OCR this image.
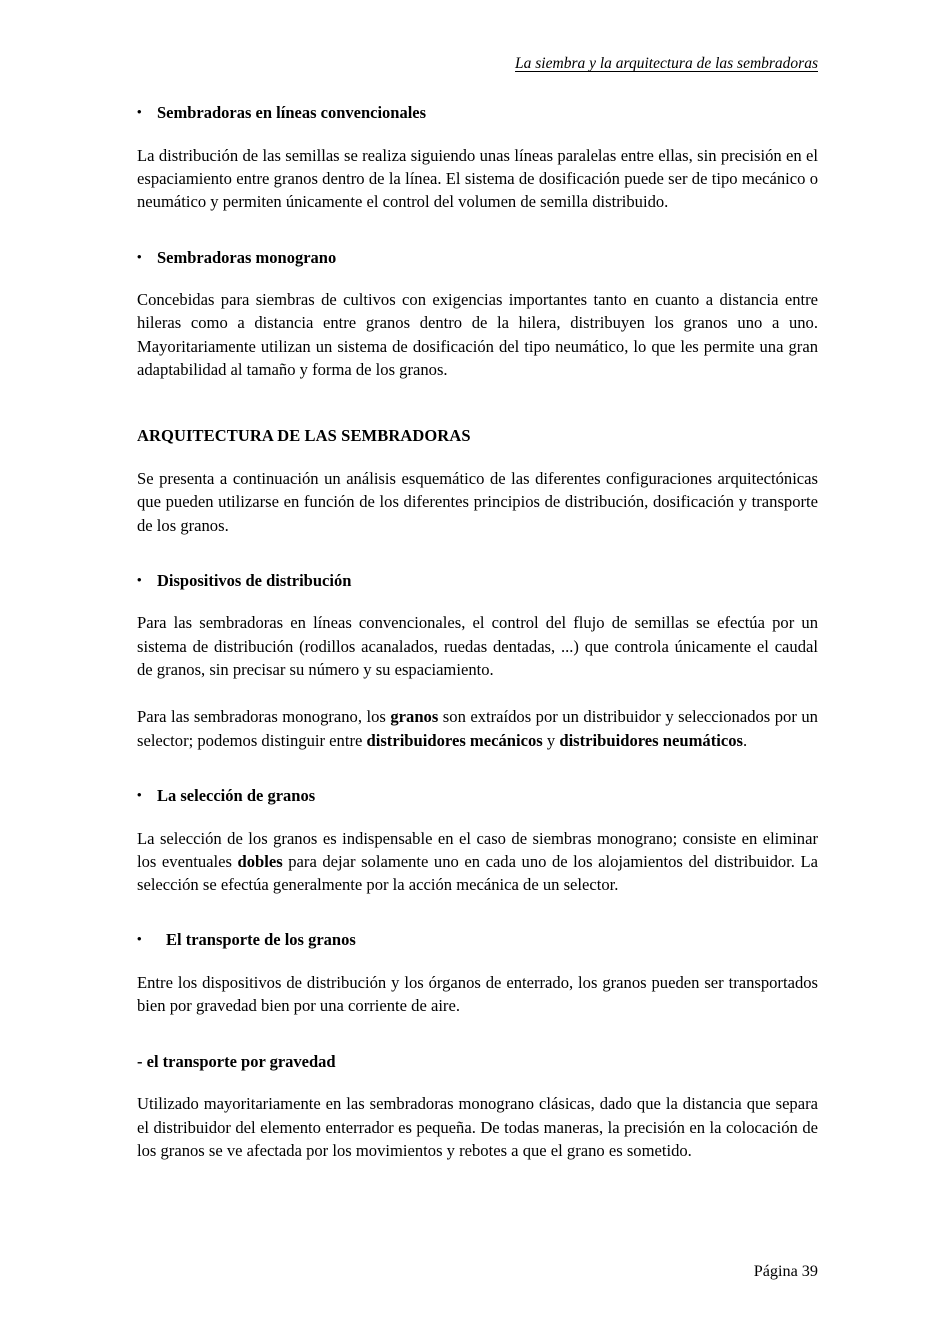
La siembra y la arquitectura de las sembradoras
• Sembradoras en líneas convencionales

La distribución de las semillas se realiza siguiendo unas líneas paralelas entre ellas, sin precisión en el espaciamiento entre granos dentro de la línea. El sistema de dosificación puede ser de tipo mecánico o neumático y permiten únicamente el control del volumen de semilla distribuido.

• Sembradoras monograno

Concebidas para siembras de cultivos con exigencias importantes tanto en cuanto a distancia entre hileras como a distancia entre granos dentro de la hilera, distribuyen los granos uno a uno. Mayoritariamente utilizan un sistema de dosificación del tipo neumático, lo que les permite una gran adaptabilidad al tamaño y forma de los granos.

ARQUITECTURA DE LAS SEMBRADORAS

Se presenta a continuación un análisis esquemático de las diferentes configuraciones arquitectónicas que pueden utilizarse en función de los diferentes principios de distribución, dosificación y transporte de los granos.

• Dispositivos de distribución

Para las sembradoras en líneas convencionales, el control del flujo de semillas se efectúa por un sistema de distribución (rodillos acanalados, ruedas dentadas, ...) que controla únicamente el caudal de granos, sin precisar su número y su espaciamiento.

Para las sembradoras monograno, los granos son extraídos por un distribuidor y seleccionados por un selector; podemos distinguir entre distribuidores mecánicos y distribuidores neumáticos.

• La selección de granos

La selección de los granos es indispensable en el caso de siembras monograno; consiste en eliminar los eventuales dobles para dejar solamente uno en cada uno de los alojamientos del distribuidor. La selección se efectúa generalmente por la acción mecánica de un selector.

•	El transporte de los granos

Entre los dispositivos de distribución y los órganos de enterrado, los granos pueden ser transportados bien por gravedad bien por una corriente de aire.

- el transporte por gravedad

Utilizado mayoritariamente en las sembradoras monograno clásicas, dado que la distancia que separa el distribuidor del elemento enterrador es pequeña. De todas maneras, la precisión en la colocación de los granos se ve afectada por los movimientos y rebotes a que el grano es sometido.

Página 39
